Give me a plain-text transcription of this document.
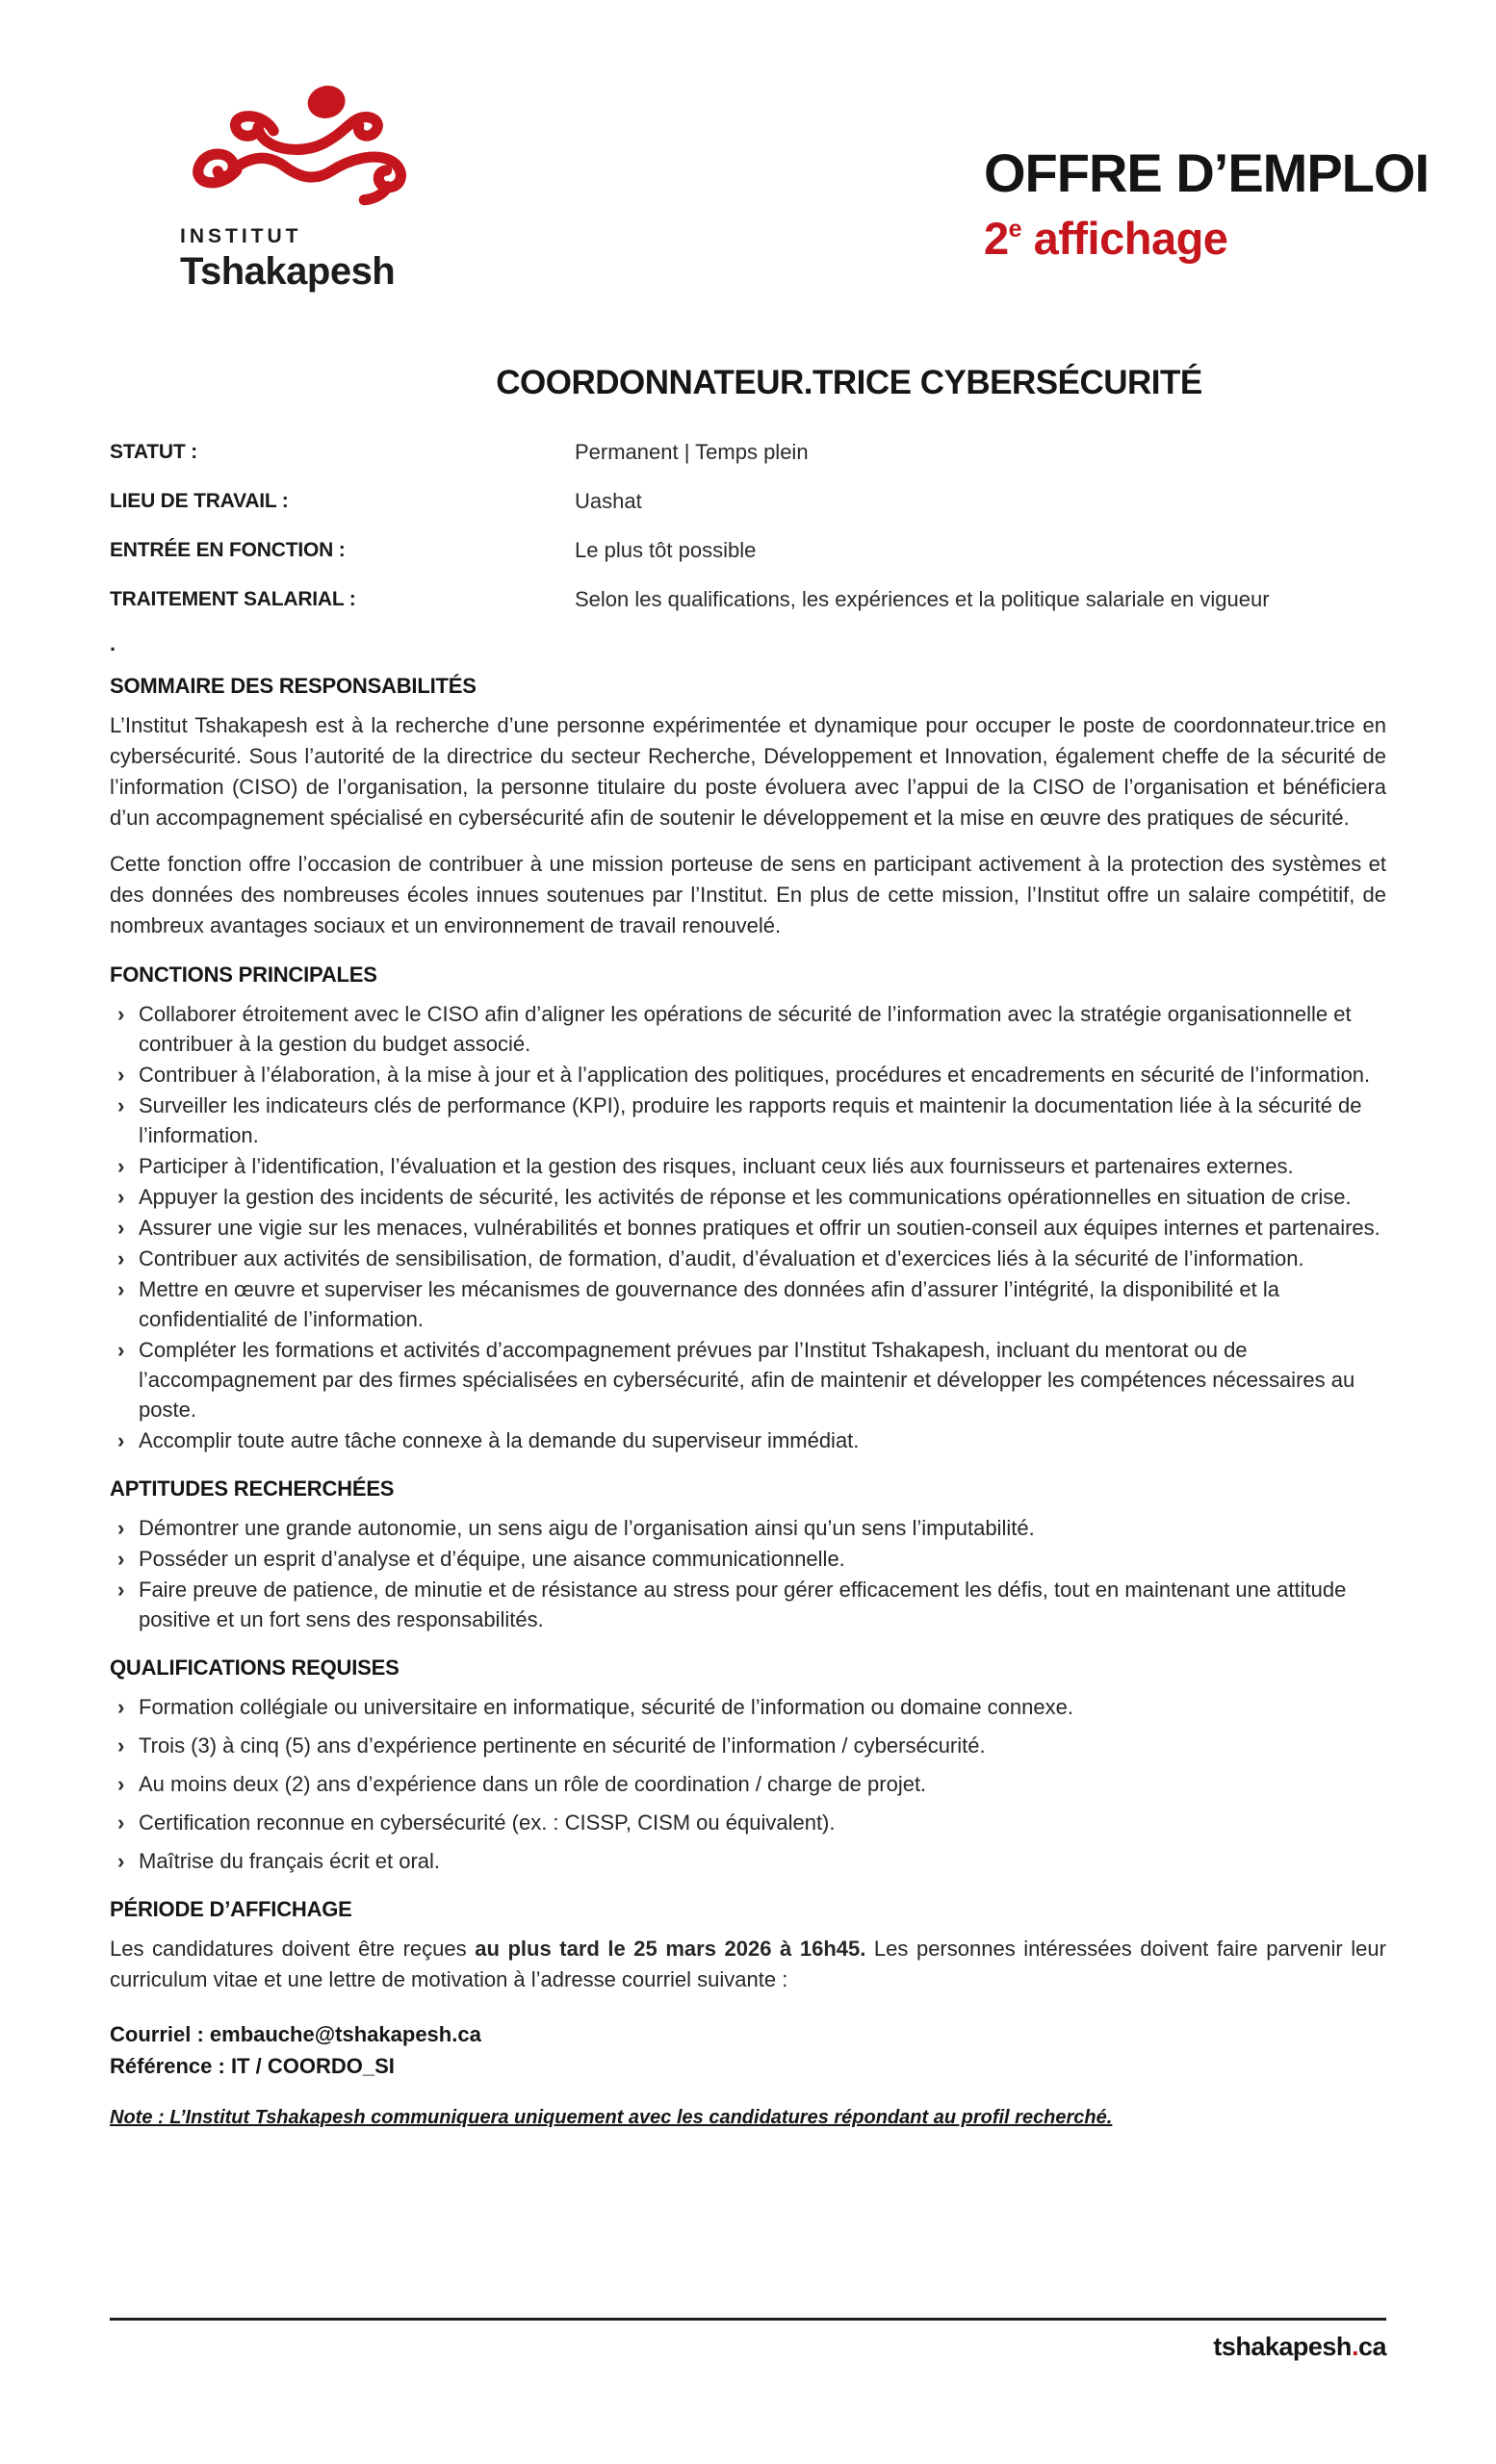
INSTITUT
Tshakapesh
OFFRE D’EMPLOI
2e affichage
COORDONNATEUR.TRICE CYBERSÉCURITÉ
STATUT :	Permanent | Temps plein
LIEU DE TRAVAIL :	Uashat
ENTRÉE EN FONCTION :	Le plus tôt possible
TRAITEMENT SALARIAL :	Selon les qualifications, les expériences et la politique salariale en vigueur
.
SOMMAIRE DES RESPONSABILITÉS

L’Institut Tshakapesh est à la recherche d’une personne expérimentée et dynamique pour occuper le poste de coordonnateur.trice en cybersécurité. Sous l’autorité de la directrice du secteur Recherche, Développement et Innovation, également cheffe de la sécurité de l’information (CISO) de l’organisation, la personne titulaire du poste évoluera avec l’appui de la CISO de l’organisation et bénéficiera d’un accompagnement spécialisé en cybersécurité afin de soutenir le développement et la mise en œuvre des pratiques de sécurité.

Cette fonction offre l’occasion de contribuer à une mission porteuse de sens en participant activement à la protection des systèmes et des données des nombreuses écoles innues soutenues par l’Institut. En plus de cette mission, l’Institut offre un salaire compétitif, de nombreux avantages sociaux et un environnement de travail renouvelé.

FONCTIONS PRINCIPALES
› Collaborer étroitement avec le CISO afin d’aligner les opérations de sécurité de l’information avec la stratégie organisationnelle et contribuer à la gestion du budget associé.
› Contribuer à l’élaboration, à la mise à jour et à l’application des politiques, procédures et encadrements en sécurité de l’information.
› Surveiller les indicateurs clés de performance (KPI), produire les rapports requis et maintenir la documentation liée à la sécurité de l’information.
› Participer à l’identification, l’évaluation et la gestion des risques, incluant ceux liés aux fournisseurs et partenaires externes.
› Appuyer la gestion des incidents de sécurité, les activités de réponse et les communications opérationnelles en situation de crise.
› Assurer une vigie sur les menaces, vulnérabilités et bonnes pratiques et offrir un soutien-conseil aux équipes internes et partenaires.
› Contribuer aux activités de sensibilisation, de formation, d’audit, d’évaluation et d’exercices liés à la sécurité de l’information.
› Mettre en œuvre et superviser les mécanismes de gouvernance des données afin d’assurer l’intégrité, la disponibilité et la confidentialité de l’information.
› Compléter les formations et activités d’accompagnement prévues par l’Institut Tshakapesh, incluant du mentorat ou de l’accompagnement par des firmes spécialisées en cybersécurité, afin de maintenir et développer les compétences nécessaires au poste.
› Accomplir toute autre tâche connexe à la demande du superviseur immédiat.
APTITUDES RECHERCHÉES
› Démontrer une grande autonomie, un sens aigu de l’organisation ainsi qu’un sens l’imputabilité.
› Posséder un esprit d’analyse et d’équipe, une aisance communicationnelle.
› Faire preuve de patience, de minutie et de résistance au stress pour gérer efficacement les défis, tout en maintenant une attitude positive et un fort sens des responsabilités.
QUALIFICATIONS REQUISES
› Formation collégiale ou universitaire en informatique, sécurité de l’information ou domaine connexe.
› Trois (3) à cinq (5) ans d’expérience pertinente en sécurité de l’information / cybersécurité.
› Au moins deux (2) ans d’expérience dans un rôle de coordination / charge de projet.
› Certification reconnue en cybersécurité (ex. : CISSP, CISM ou équivalent).
› Maîtrise du français écrit et oral.
PÉRIODE D’AFFICHAGE

Les candidatures doivent être reçues au plus tard le 25 mars 2026 à 16h45. Les personnes intéressées doivent faire parvenir leur curriculum vitae et une lettre de motivation à l’adresse courriel suivante :

Courriel : embauche@tshakapesh.ca

Référence : IT / COORDO_SI

Note : L’Institut Tshakapesh communiquera uniquement avec les candidatures répondant au profil recherché.

tshakapesh.ca
